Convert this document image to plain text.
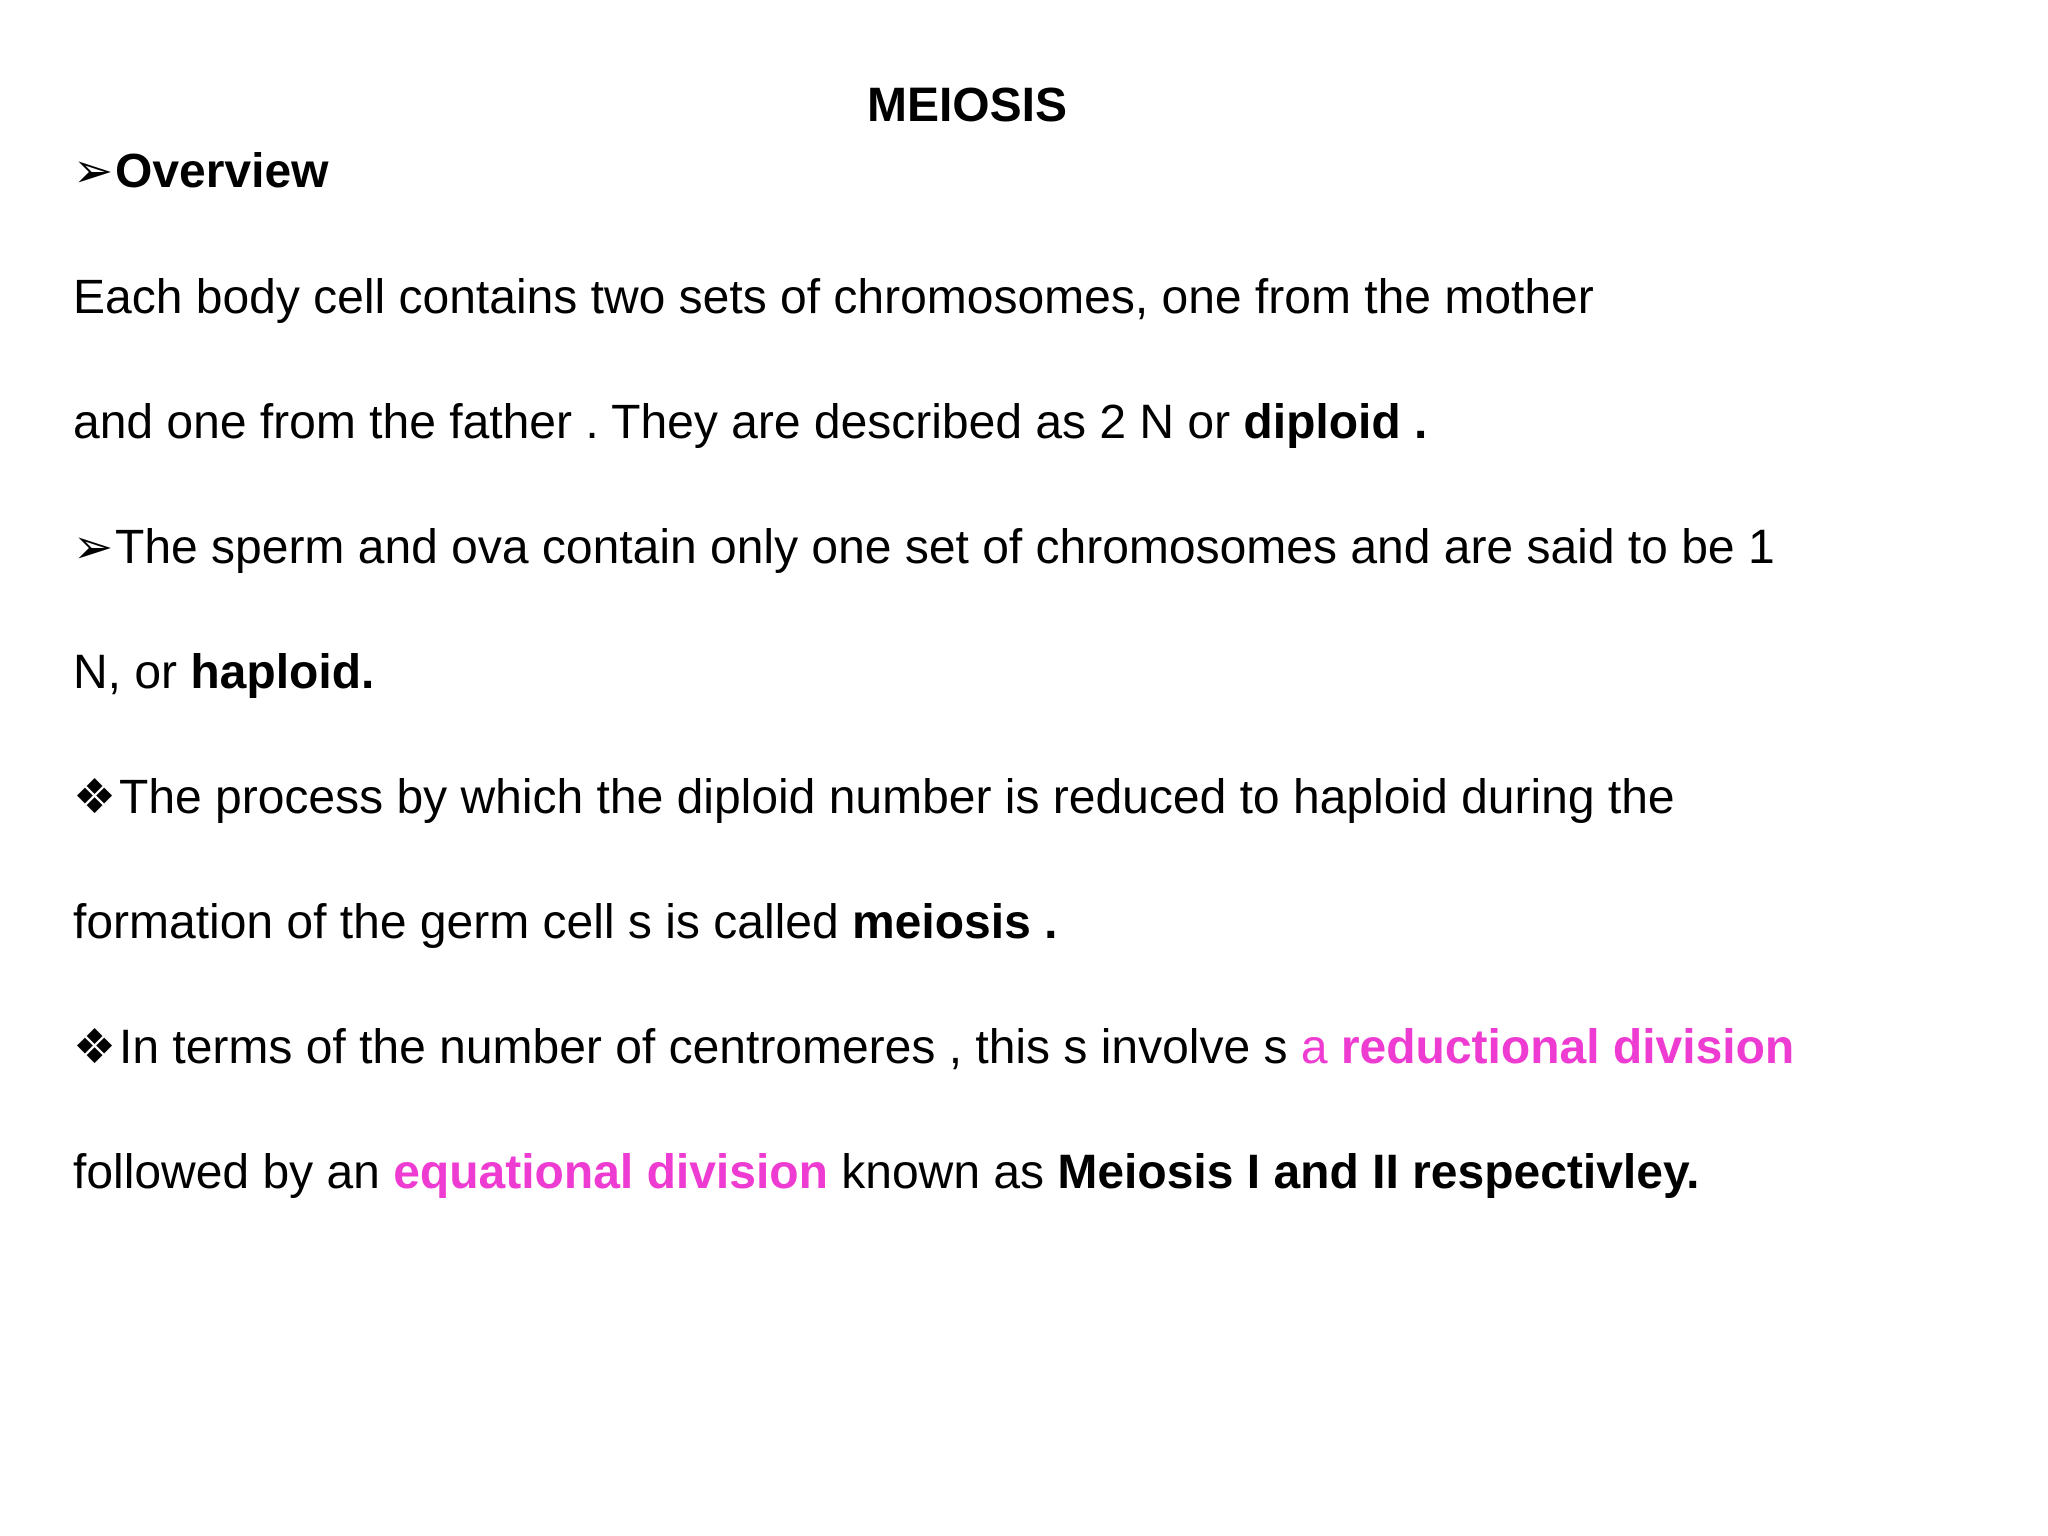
MEIOSIS
➢Overview
Each body cell contains two sets of chromosomes, one from the mother
and one from the father . They are described as 2 N or diploid .
➢The sperm and ova contain only one set of chromosomes and are said to be 1
N, or haploid.
❖The process by which the diploid number is reduced to haploid during the
formation of the germ cell s is called meiosis .
❖In terms of the number of centromeres , this s involve s a reductional division
followed by an equational division known as Meiosis I and II respectivley.
